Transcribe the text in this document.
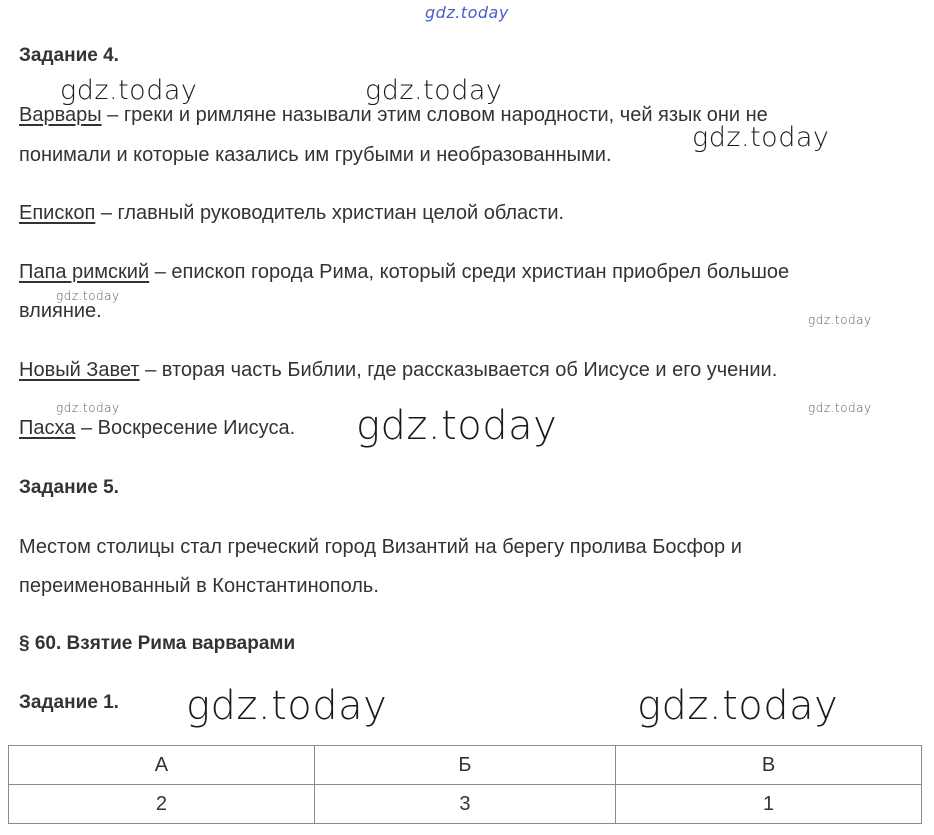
gdz.today
Задание 4.
Варвары – греки и римляне называли этим словом народности, чей язык они не
понимали и которые казались им грубыми и необразованными.
Епископ – главный руководитель христиан целой области.
Папа римский – епископ города Рима, который среди христиан приобрел большое
влияние.
Новый Завет – вторая часть Библии, где рассказывается об Иисусе и его учении.
Пасха – Воскресение Иисуса.
Задание 5.
Местом столицы стал греческий город Византий на берегу пролива Босфор и
переименованный в Константинополь.
§ 60. Взятие Рима варварами
Задание 1.
А	Б	В
2	3	1
gdz.today	gdz.today
gdz.today
gdz.today
gdz.today
gdz.today	gdz.today
gdz.today
gdz.today	gdz.today
